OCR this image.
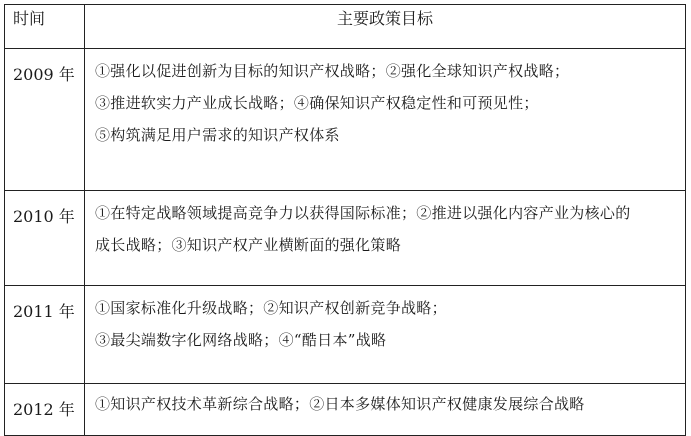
时间	主要政策目标
2009 年	①强化以促进创新为目标的知识产权战略；②强化全球知识产权战略；
③推进软实力产业成长战略；④确保知识产权稳定性和可预见性；
⑤构筑满足用户需求的知识产权体系

2010 年	①在特定战略领域提高竞争力以获得国际标准；②推进以强化内容产业为核心的
成长战略；③知识产权产业横断面的强化策略

2011 年	①国家标准化升级战略；②知识产权创新竞争战略；
③最尖端数字化网络战略；④“酷日本”战略

2012 年	①知识产权技术革新综合战略；②日本多媒体知识产权健康发展综合战略
